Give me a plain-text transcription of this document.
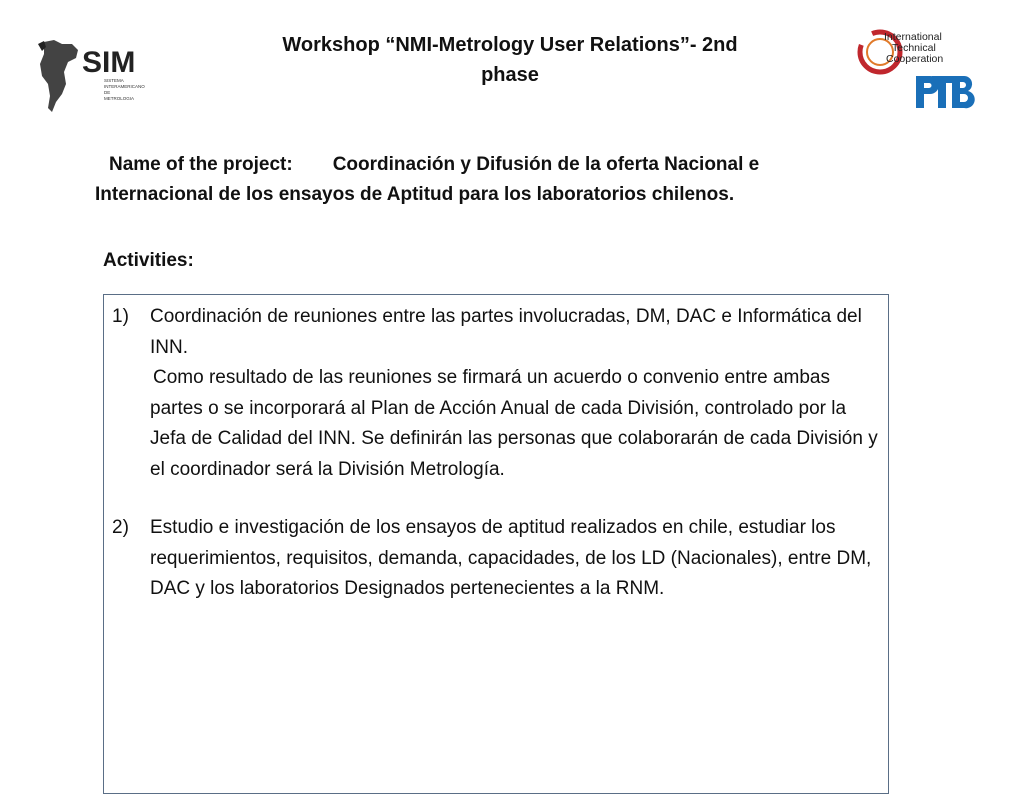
Workshop “NMI-Metrology User Relations”- 2nd
phase
SIM
SISTEMA
INTERAMERICANO
DE
METROLOGIA
International
Technical
Cooperation
Name of the project: Coordinación y Difusión de la oferta Nacional e
Internacional de los ensayos de Aptitud para los laboratorios chilenos.
Activities:
1)	Coordinación de reuniones entre las partes involucradas, DM, DAC e Informática del INN.
Como resultado de las reuniones se firmará un acuerdo o convenio entre ambas partes o se incorporará al Plan de Acción Anual de cada División, controlado por la Jefa de Calidad del INN. Se definirán las personas que colaborarán de cada División y el coordinador será la División Metrología.
2)	Estudio e investigación de los ensayos de aptitud realizados en chile, estudiar los requerimientos, requisitos, demanda, capacidades, de los LD (Nacionales), entre DM, DAC y los laboratorios Designados pertenecientes a la RNM.
